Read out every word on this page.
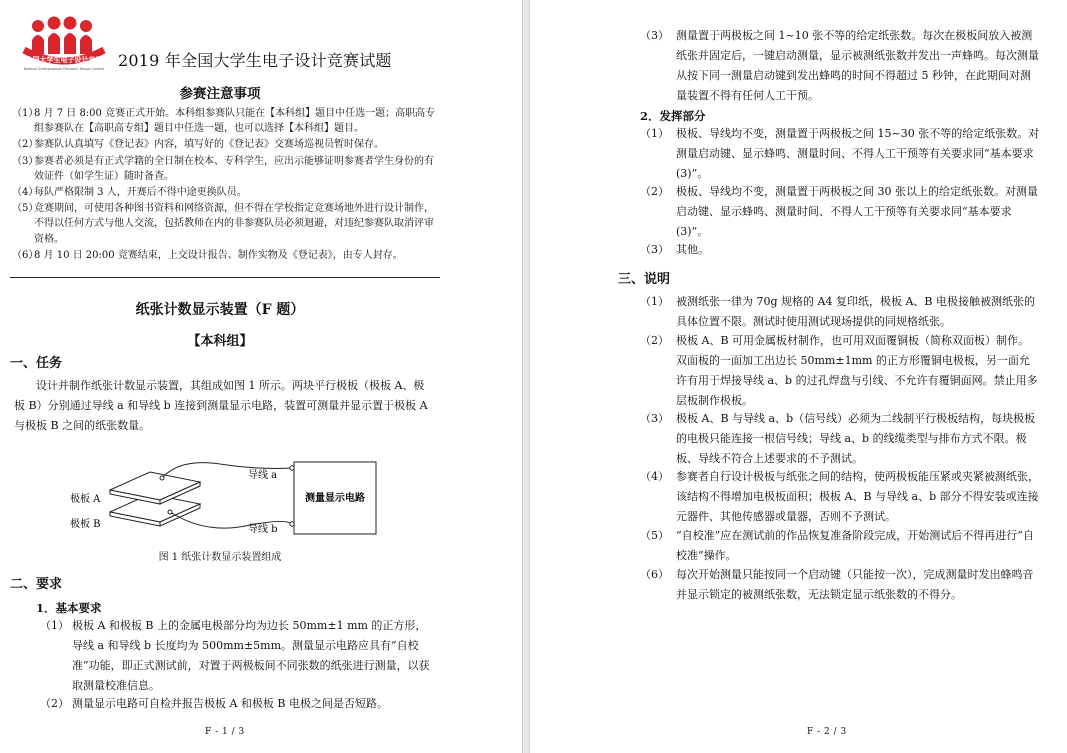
全国大学生电子设计竞赛
National Undergraduate Electronic Design Contest 2019 年全国大学生电子设计竞赛试题
参赛注意事项
（1）
8 月 7 日 8:00 竞赛正式开始。本科组参赛队只能在【本科组】题目中任选一题；高职高专组参赛队在【高职高专组】题目中任选一题，也可以选择【本科组】题目。
（2）
参赛队认真填写《登记表》内容，填写好的《登记表》交赛场巡视员暂时保存。
（3）
参赛者必须是有正式学籍的全日制在校本、专科学生，应出示能够证明参赛者学生身份的有效证件（如学生证）随时备查。
（4）
每队严格限制 3 人，开赛后不得中途更换队员。
（5）
竞赛期间，可使用各种图书资料和网络资源，但不得在学校指定竞赛场地外进行设计制作，不得以任何方式与他人交流，包括教师在内的非参赛队员必须迴避，对违纪参赛队取消评审资格。
（6）
8 月 10 日 20:00 竞赛结束，上交设计报告、制作实物及《登记表》，由专人封存。
纸张计数显示装置（F 题）
【本科组】
一、任务
设计并制作纸张计数显示装置，其组成如图 1 所示。两块平行极板（极板 A、极板 B）分别通过导线 a 和导线 b 连接到测量显示电路，装置可测量并显示置于极板 A 与极板 B 之间的纸张数量。
测量显示电路
导线 a
导线 b
极板 A
极板 B
图 1 纸张计数显示装置组成
二、要求
1．基本要求
（1） 极板 A 和极板 B 上的金属电极部分均为边长 50mm±1 mm 的正方形，导线 a 和导线 b 长度均为 500mm±5mm。测量显示电路应具有“自校准”功能，即正式测试前，对置于两极板间不同张数的纸张进行测量，以获取测量校准信息。
（2） 测量显示电路可自检并报告极板 A 和极板 B 电极之间是否短路。
F - 1 / 3
（3） 测量置于两极板之间 1~10 张不等的给定纸张数。每次在极板间放入被测纸张并固定后，一键启动测量，显示被测纸张数并发出一声蜂鸣。每次测量从按下同一测量启动键到发出蜂鸣的时间不得超过 5 秒钟，在此期间对测量装置不得有任何人工干预。
2．发挥部分
（1） 极板、导线均不变，测量置于两极板之间 15~30 张不等的给定纸张数。对测量启动键、显示蜂鸣、测量时间、不得人工干预等有关要求同“基本要求(3)”。
（2） 极板、导线均不变，测量置于两极板之间 30 张以上的给定纸张数。对测量启动键、显示蜂鸣、测量时间、不得人工干预等有关要求同“基本要求(3)”。
（3） 其他。
三、说明
（1） 被测纸张一律为 70g 规格的 A4 复印纸，极板 A、B 电极接触被测纸张的具体位置不限。测试时使用测试现场提供的同规格纸张。
（2） 极板 A、B 可用金属板材制作，也可用双面覆铜板（简称双面板）制作。双面板的一面加工出边长 50mm±1mm 的正方形覆铜电极板，另一面允许有用于焊接导线 a、b 的过孔焊盘与引线、不允许有覆铜面网。禁止用多层板制作极板。
（3） 极板 A、B 与导线 a、b（信号线）必须为二线制平行极板结构，每块极板的电极只能连接一根信号线；导线 a、b 的线缆类型与排布方式不限。极板、导线不符合上述要求的不予测试。
（4） 参赛者自行设计极板与纸张之间的结构，使两极板能压紧或夹紧被测纸张，该结构不得增加电极板面积；极板 A、B 与导线 a、b 部分不得安装或连接元器件、其他传感器或量器，否则不予测试。
（5） “自校准”应在测试前的作品恢复准备阶段完成，开始测试后不得再进行“自校准”操作。
（6） 每次开始测量只能按同一个启动键（只能按一次），完成测量时发出蜂鸣音并显示锁定的被测纸张数，无法锁定显示纸张数的不得分。
F - 2 / 3
